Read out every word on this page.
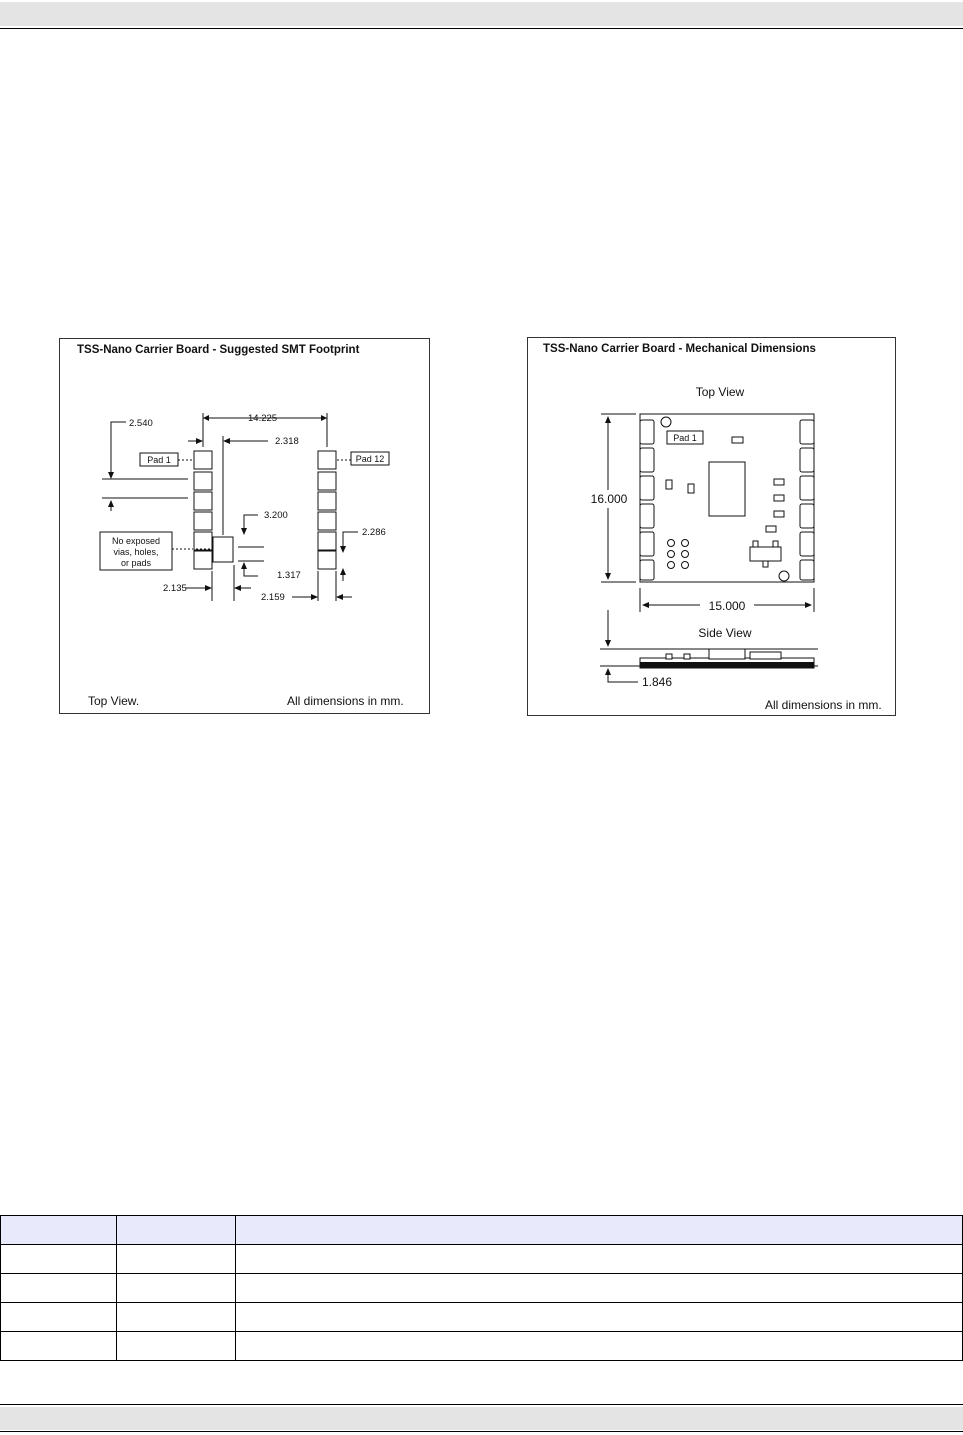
TSS-Nano Carrier Board - Suggested SMT Footprint
Pad 1	Pad 12
No exposed
vias, holes,
or pads
2.540	14.225
2.318
3.200
2.286
1.317
2.135
2.159
Top View.	All dimensions in mm.
TSS-Nano Carrier Board - Mechanical Dimensions
Top View
Pad 1
16.000
15.000
Side View
1.846
All dimensions in mm.
